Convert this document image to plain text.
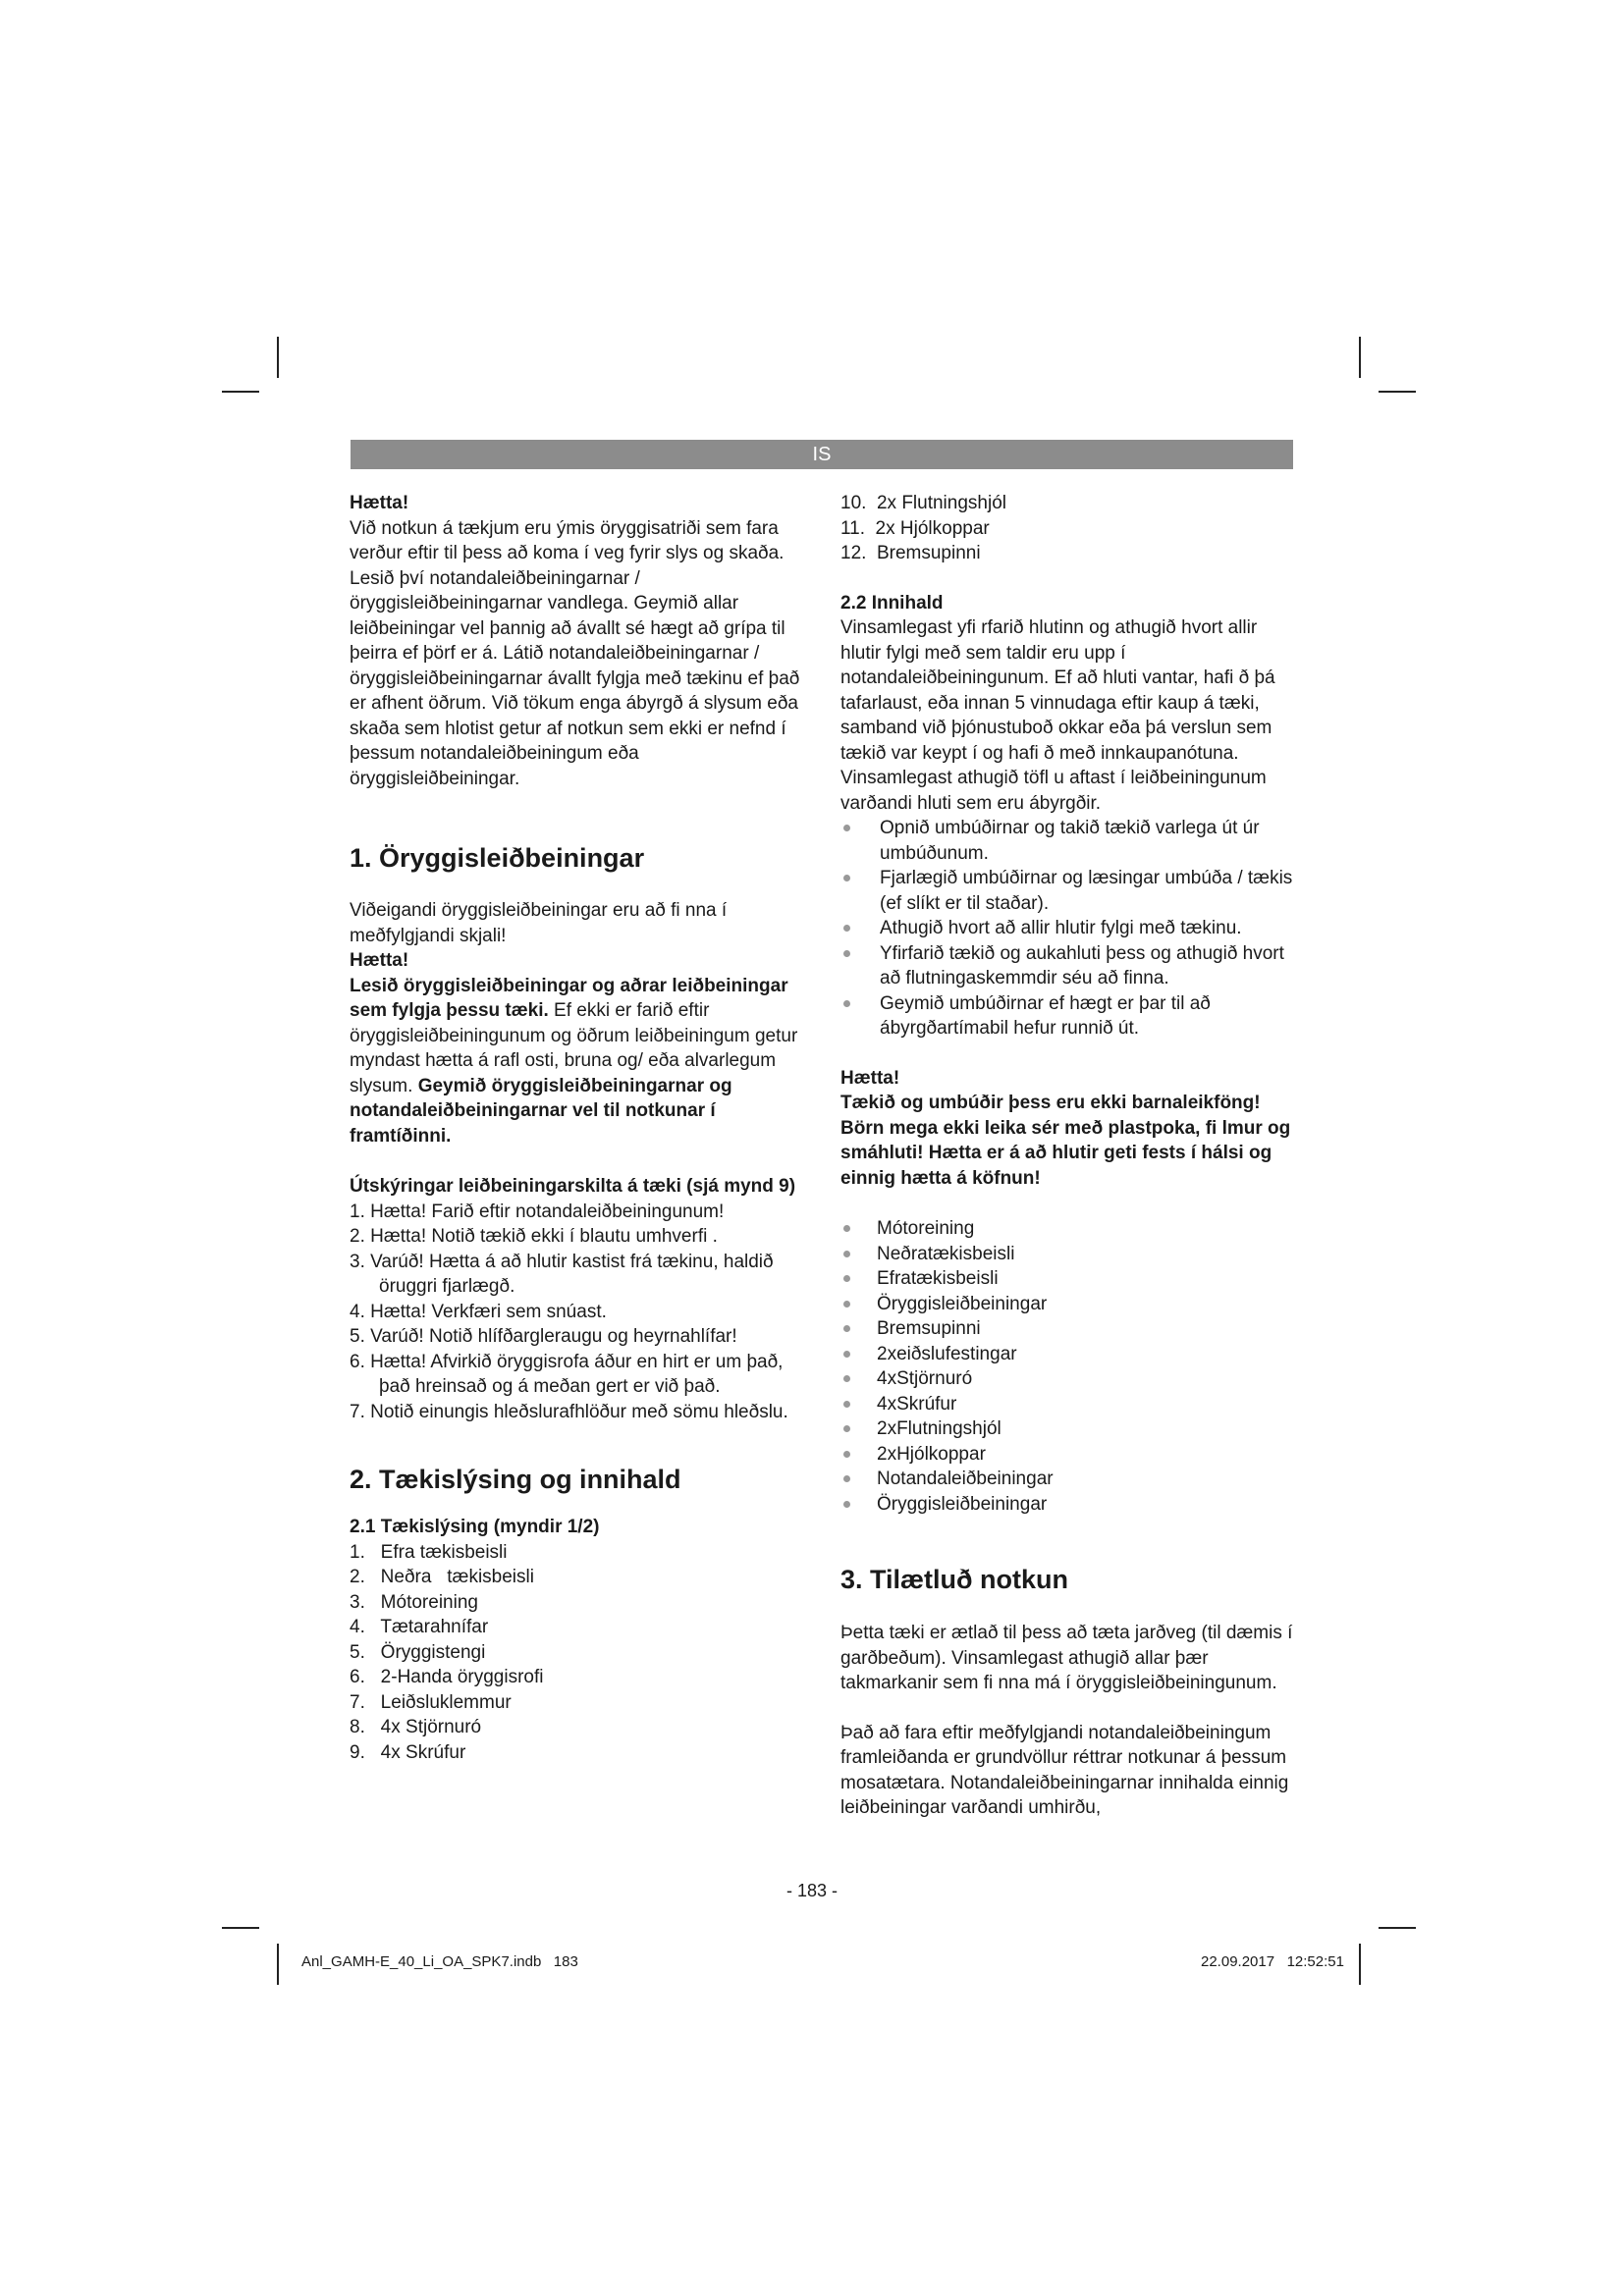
IS

Hætta!

Við notkun á tækjum eru ýmis öryggisatriði sem fara verður eftir til þess að koma í veg fyrir slys og skaða. Lesið því notandaleiðbeiningarnar / öryggisleiðbeiningarnar vandlega. Geymið allar leiðbeiningar vel þannig að ávallt sé hægt að grípa til þeirra ef þörf er á. Látið notandaleiðbeiningarnar / öryggisleiðbeiningarnar ávallt fylgja með tækinu ef það er afhent öðrum. Við tökum enga ábyrgð á slysum eða skaða sem hlotist getur af notkun sem ekki er nefnd í þessum notandaleiðbeiningum eða öryggisleiðbeiningar.

1. Öryggisleiðbeiningar

Viðeigandi öryggisleiðbeiningar eru að fi nna í meðfylgjandi skjali!

Hætta!

Lesið öryggisleiðbeiningar og aðrar leiðbeiningar sem fylgja þessu tæki. Ef ekki er farið eftir öryggisleiðbeiningunum og öðrum leiðbeiningum getur myndast hætta á rafl osti, bruna og/ eða alvarlegum slysum. Geymið öryggisleiðbeiningarnar og notandaleiðbeiningarnar vel til notkunar í framtíðinni.

Útskýringar leiðbeiningarskilta á tæki (sjá mynd 9)
1. Hætta! Farið eftir notandaleiðbeiningunum!
2. Hætta! Notið tækið ekki í blautu umhverfi .
3. Varúð! Hætta á að hlutir kastist frá tækinu, haldið öruggri fjarlægð.
4. Hætta! Verkfæri sem snúast.
5. Varúð! Notið hlífðargleraugu og heyrnahlífar!
6. Hætta! Afvirkið öryggisrofa áður en hirt er um það, það hreinsað og á meðan gert er við það.
7. Notið einungis hleðslurafhlöður með sömu hleðslu.
2. Tækislýsing og innihald
2.1 Tækislýsing (myndir 1/2)
1.   Efra tækisbeisli
2.   Neðra   tækisbeisli
3.   Mótoreining
4.   Tætarahnífar
5.   Öryggistengi
6.   2-Handa öryggisrofi
7.   Leiðsluklemmur
8.   4x Stjörnuró
9.   4x Skrúfur
10.  2x Flutningshjól
11.  2x Hjólkoppar
12.  Bremsupinni
2.2 Innihald

Vinsamlegast yfi rfarið hlutinn og athugið hvort allir hlutir fylgi með sem taldir eru upp í notandaleiðbeiningunum. Ef að hluti vantar, hafi ð þá tafarlaust, eða innan 5 vinnudaga eftir kaup á tæki, samband við þjónustuboð okkar eða þá verslun sem tækið var keypt í og hafi ð með innkaupanótuna. Vinsamlegast athugið töfl u aftast í leiðbeiningunum varðandi hluti sem eru ábyrgðir.

Opnið umbúðirnar og takið tækið varlega út úr umbúðunum.
Fjarlægið umbúðirnar og læsingar umbúða / tækis (ef slíkt er til staðar).
Athugið hvort að allir hlutir fylgi með tækinu.
Yfirfarið tækið og aukahluti þess og athugið hvort að flutningaskemmdir séu að finna.
Geymið umbúðirnar ef hægt er þar til að ábyrgðartímabil hefur runnið út.

Hætta!

Tækið og umbúðir þess eru ekki barnaleikföng! Börn mega ekki leika sér með plastpoka, fi lmur og smáhluti! Hætta er á að hlutir geti fests í hálsi og einnig hætta á köfnun!

Mótoreining
Neðratækisbeisli
Efratækisbeisli
Öryggisleiðbeiningar
Bremsupinni
2xeiðslufestingar
4xStjörnuró
4xSkrúfur
2xFlutningshjól
2xHjólkoppar
Notandaleiðbeiningar
Öryggisleiðbeiningar
3. Tilætluð notkun

Þetta tæki er ætlað til þess að tæta jarðveg (til dæmis í garðbeðum). Vinsamlegast athugið allar þær takmarkanir sem fi nna má í öryggisleiðbeiningunum.

Það að fara eftir meðfylgjandi notandaleiðbeiningum framleiðanda er grundvöllur réttrar notkunar á þessum mosatætara. Notandaleiðbeiningarnar innihalda einnig leiðbeiningar varðandi umhirðu,

- 183 -
Anl_GAMH-E_40_Li_OA_SPK7.indb   183	22.09.2017   12:52:51
